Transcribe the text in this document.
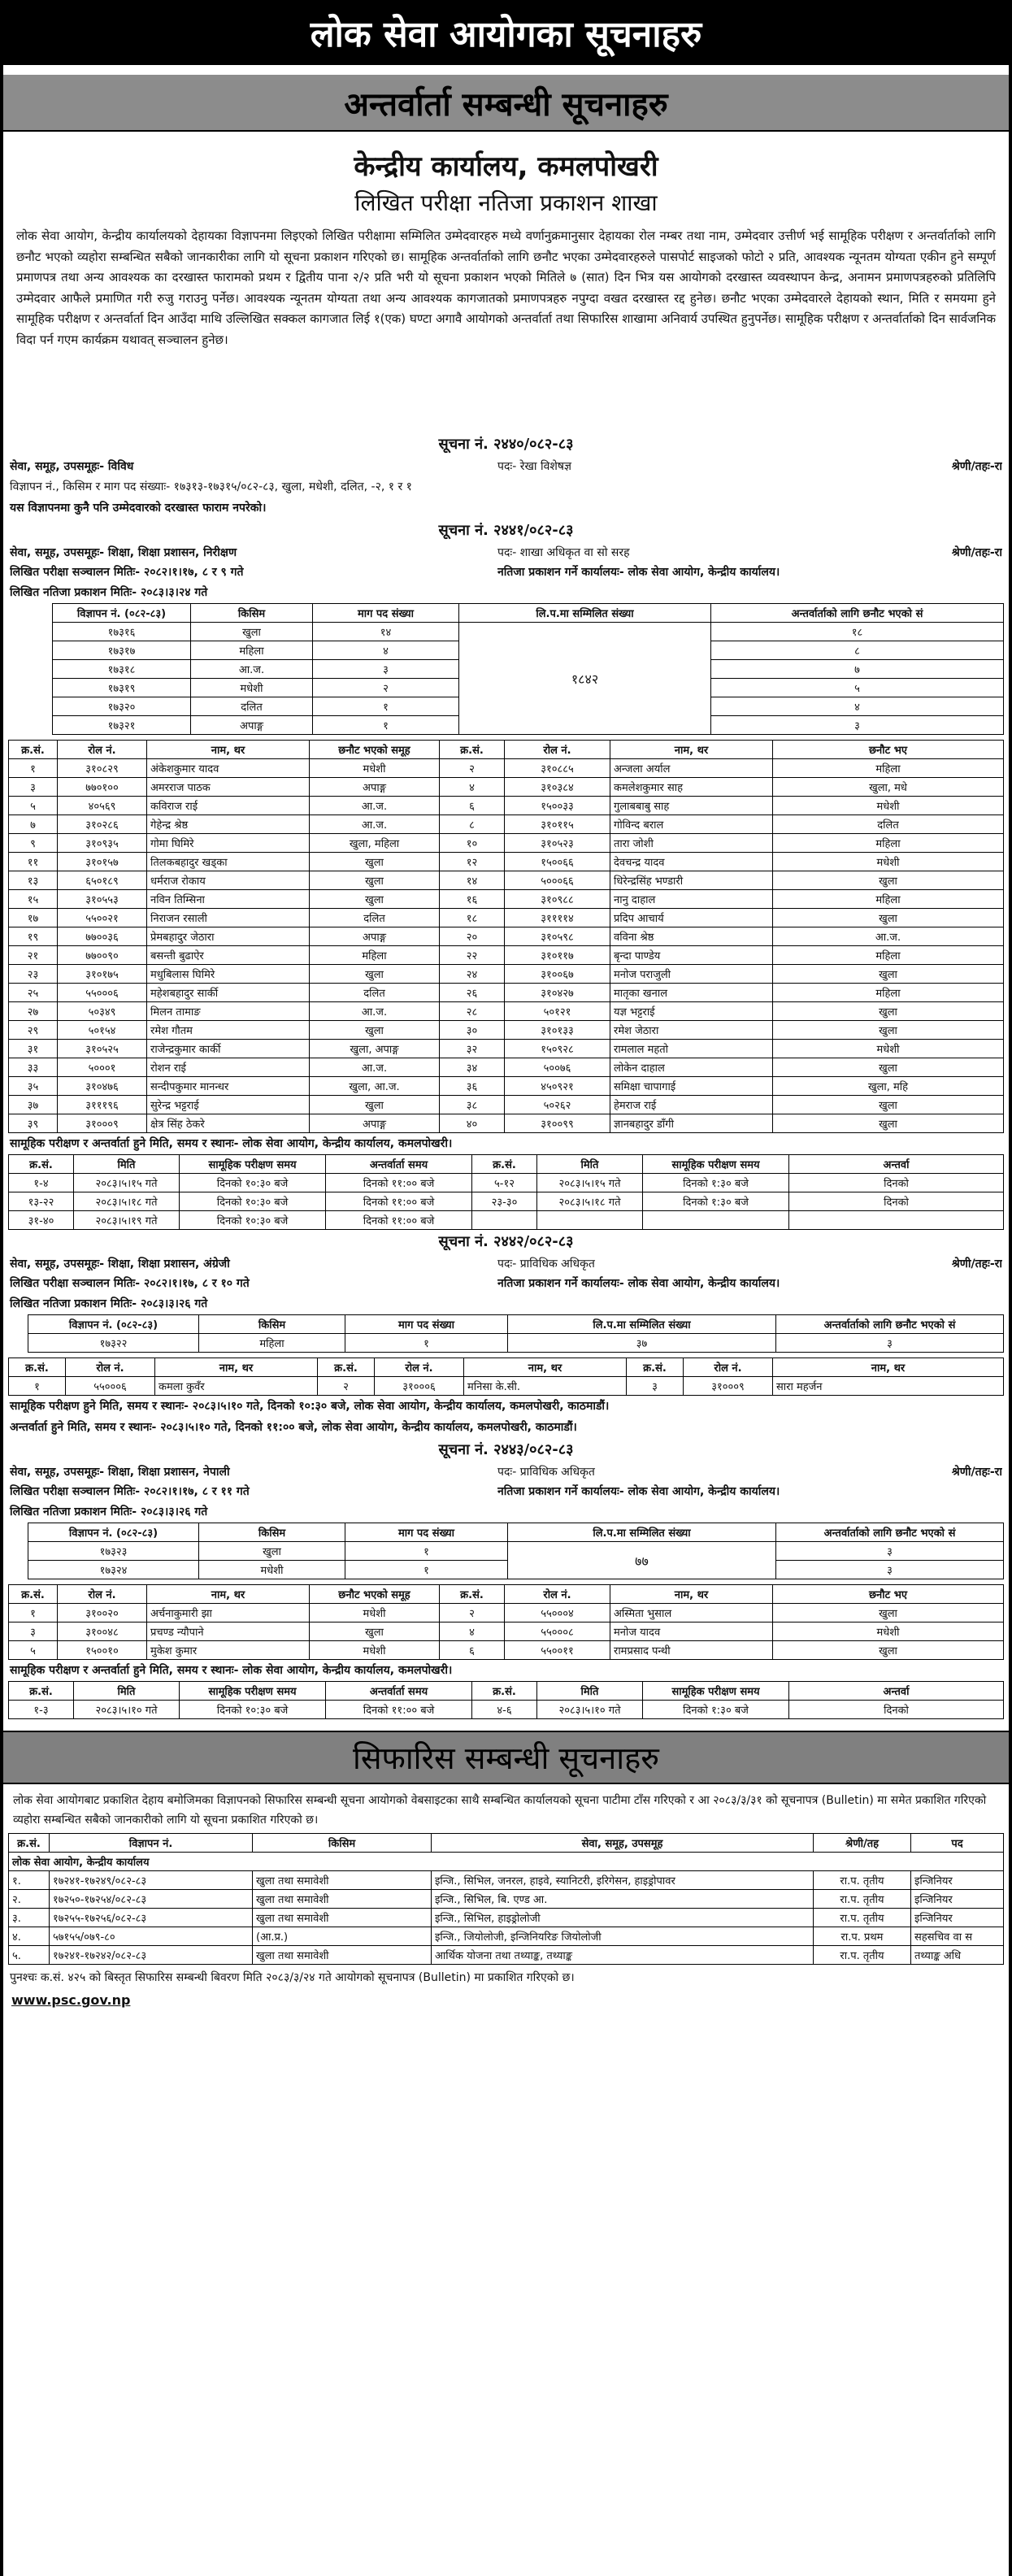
लोक सेवा आयोगका सूचनाहरु
अन्तर्वार्ता सम्बन्धी सूचनाहरु
केन्द्रीय कार्यालय, कमलपोखरी
लिखित परीक्षा नतिजा प्रकाशन शाखा
लोक सेवा आयोग, केन्द्रीय कार्यालयको देहायका विज्ञापनमा लिइएको लिखित परीक्षामा सम्मिलित उम्मेदवारहरु मध्ये वर्णानुक्रमानुसार देहायका रोल नम्बर तथा नाम, उम्मेदवार उत्तीर्ण भई सामूहिक परीक्षण र अन्तर्वार्ताको लागि छनौट भएको व्यहोरा सम्बन्धित सबैको जानकारीका लागि यो सूचना प्रकाशन गरिएको छ। सामूहिक अन्तर्वार्ताको लागि छनौट भएका उम्मेदवारहरुले पासपोर्ट साइजको फोटो २ प्रति, आवश्यक न्यूनतम योग्यता एकीन हुने सम्पूर्ण प्रमाणपत्र तथा अन्य आवश्यक का दरखास्त फारामको प्रथम र द्वितीय पाना २/२ प्रति भरी यो सूचना प्रकाशन भएको मितिले ७ (सात) दिन भित्र यस आयोगको दरखास्त व्यवस्थापन केन्द्र, अनामन प्रमाणपत्रहरुको प्रतिलिपि उम्मेदवार आफैले प्रमाणित गरी रुजु गराउनु पर्नेछ। आवश्यक न्यूनतम योग्यता तथा अन्य आवश्यक कागजातको प्रमाणपत्रहरु नपुग्दा वखत दरखास्त रद्द हुनेछ। छनौट भएका उम्मेदवारले देहायको स्थान, मिति र समयमा हुने सामूहिक परीक्षण र अन्तर्वार्ता दिन आउँदा माथि उल्लिखित सक्कल कागजात लिई १(एक) घण्टा अगावै आयोगको अन्तर्वार्ता तथा सिफारिस शाखामा अनिवार्य उपस्थित हुनुपर्नेछ। सामूहिक परीक्षण र अन्तर्वार्ताको दिन सार्वजनिक विदा पर्न गएम कार्यक्रम यथावत् सञ्चालन हुनेछ।
सूचना नं. २४४०/०८२-८३
सेवा, समूह, उपसमूहः- विविध	पदः- रेखा विशेषज्ञ	श्रेणी/तहः-रा
विज्ञापन नं., किसिम र माग पद संख्याः- १७३१३-१७३१५/०८२-८३, खुला, मधेशी, दलित, -२, १ र १
यस विज्ञापनमा कुनै पनि उम्मेदवारको दरखास्त फाराम नपरेको।
सूचना नं. २४४१/०८२-८३
सेवा, समूह, उपसमूहः- शिक्षा, शिक्षा प्रशासन, निरीक्षण	पदः- शाखा अधिकृत वा सो सरह	श्रेणी/तहः-रा
लिखित परीक्षा सञ्चालन मितिः- २०८२।१।१७, ८ र ९ गते	नतिजा प्रकाशन गर्ने कार्यालयः- लोक सेवा आयोग, केन्द्रीय कार्यालय।
लिखित नतिजा प्रकाशन मितिः- २०८३।३।२४ गते
विज्ञापन नं. (०८२-८३)	किसिम	माग पद संख्या	लि.प.मा सम्मिलित संख्या	अन्तर्वार्ताको लागि छनौट भएको सं
१७३१६	खुला	१४	१८४२	१८
१७३१७	महिला	४		८
१७३१८	आ.ज.	३		७
१७३१९	मधेशी	२		५
१७३२०	दलित	१		४
१७३२१	अपाङ्ग	१		३
क्र.सं.	रोल नं.	नाम, थर	छनौट भएको समूह	क्र.सं.	रोल नं.	नाम, थर	छनौट भए
१	३१०८२९	अंकेशकुमार यादव	मधेशी	२	३१०८८५	अन्जला अर्याल	महिला
३	७७०१००	अमरराज पाठक	अपाङ्ग	४	३१०३८४	कमलेशकुमार साह	खुला, मधे
५	४०५६९	कविराज राई	आ.ज.	६	१५००३३	गुलाबबाबु साह	मधेशी
७	३१०२८६	गेहेन्द्र श्रेष्ठ	आ.ज.	८	३१०११५	गोविन्द बराल	दलित
९	३१०९३५	गोमा घिमिरे	खुला, महिला	१०	३१०५२३	तारा जोशी	महिला
११	३१०१५७	तिलकबहादुर खड्का	खुला	१२	१५००६६	देवचन्द्र यादव	मधेशी
१३	६५०१८९	धर्मराज रोकाय	खुला	१४	५०००६६	धिरेन्द्रसिंह भण्डारी	खुला
१५	३१०५५३	नविन तिम्सिना	खुला	१६	३१०९८८	नानु दाहाल	महिला
१७	५५००२१	निराजन रसाली	दलित	१८	३११११४	प्रदिप आचार्य	खुला
१९	७७००३६	प्रेमबहादुर जेठारा	अपाङ्ग	२०	३१०५९८	वविना श्रेष्ठ	आ.ज.
२१	७७००९०	बसन्ती बुढाऐर	महिला	२२	३१०११७	बृन्दा पाण्डेय	महिला
२३	३१०१७५	मधुबिलास घिमिरे	खुला	२४	३१००६७	मनोज पराजुली	खुला
२५	५५०००६	महेशबहादुर सार्की	दलित	२६	३१०४२७	मातृका खनाल	महिला
२७	५०३४९	मिलन तामाङ	आ.ज.	२८	५०१२१	यज्ञ भट्टराई	खुला
२९	५०१५४	रमेश गौतम	खुला	३०	३१०१३३	रमेश जेठारा	खुला
३१	३१०५२५	राजेन्द्रकुमार कार्की	खुला, अपाङ्ग	३२	१५०९२८	रामलाल महतो	मधेशी
३३	५०००१	रोशन राई	आ.ज.	३४	५००७६	लोकेन दाहाल	खुला
३५	३१०४७६	सन्दीपकुमार मानन्धर	खुला, आ.ज.	३६	४५०९२१	समिक्षा चापागाई	खुला, महि
३७	३१११९६	सुरेन्द्र भट्टराई	खुला	३८	५०२६२	हेमराज राई	खुला
३९	३१०००९	क्षेत्र सिंह ठेकरे	अपाङ्ग	४०	३१००९९	ज्ञानबहादुर डाँगी	खुला
सामूहिक परीक्षण र अन्तर्वार्ता हुने मिति, समय र स्थानः- लोक सेवा आयोग, केन्द्रीय कार्यालय, कमलपोखरी।
क्र.सं.	मिति	सामूहिक परीक्षण समय	अन्तर्वार्ता समय	क्र.सं.	मिति	सामूहिक परीक्षण समय	अन्तर्वा
१-४	२०८३।५।१५ गते	दिनको १०:३० बजे	दिनको ११:०० बजे	५-१२	२०८३।५।१५ गते	दिनको १:३० बजे	दिनको
१३-२२	२०८३।५।१८ गते	दिनको १०:३० बजे	दिनको ११:०० बजे	२३-३०	२०८३।५।१८ गते	दिनको १:३० बजे	दिनको
३१-४०	२०८३।५।१९ गते	दिनको १०:३० बजे	दिनको ११:०० बजे				
सूचना नं. २४४२/०८२-८३
सेवा, समूह, उपसमूहः- शिक्षा, शिक्षा प्रशासन, अंग्रेजी	पदः- प्राविधिक अधिकृत	श्रेणी/तहः-रा
लिखित परीक्षा सञ्चालन मितिः- २०८२।१।१७, ८ र १० गते	नतिजा प्रकाशन गर्ने कार्यालयः- लोक सेवा आयोग, केन्द्रीय कार्यालय।
लिखित नतिजा प्रकाशन मितिः- २०८३।३।२६ गते
विज्ञापन नं. (०८२-८३)	किसिम	माग पद संख्या	लि.प.मा सम्मिलित संख्या	अन्तर्वार्ताको लागि छनौट भएको सं
१७३२२	महिला	१	३७	३
क्र.सं.	रोल नं.	नाम, थर	क्र.सं.	रोल नं.	नाम, थर	क्र.सं.	रोल नं.	नाम, थर
१	५५०००६	कमला कुवँर	२	३१०००६	मनिसा के.सी.	३	३१०००९	सारा महर्जन
सामूहिक परीक्षण हुने मिति, समय र स्थानः- २०८३।५।१० गते, दिनको १०:३० बजे, लोक सेवा आयोग, केन्द्रीय कार्यालय, कमलपोखरी, काठमाडौं।
अन्तर्वार्ता हुने मिति, समय र स्थानः- २०८३।५।१० गते, दिनको ११:०० बजे, लोक सेवा आयोग, केन्द्रीय कार्यालय, कमलपोखरी, काठमाडौं।
सूचना नं. २४४३/०८२-८३
सेवा, समूह, उपसमूहः- शिक्षा, शिक्षा प्रशासन, नेपाली	पदः- प्राविधिक अधिकृत	श्रेणी/तहः-रा
लिखित परीक्षा सञ्चालन मितिः- २०८२।१।१७, ८ र ११ गते	नतिजा प्रकाशन गर्ने कार्यालयः- लोक सेवा आयोग, केन्द्रीय कार्यालय।
लिखित नतिजा प्रकाशन मितिः- २०८३।३।२६ गते
विज्ञापन नं. (०८२-८३)	किसिम	माग पद संख्या	लि.प.मा सम्मिलित संख्या	अन्तर्वार्ताको लागि छनौट भएको सं
१७३२३	खुला	१	७७	३
१७३२४	मधेशी	१		३
क्र.सं.	रोल नं.	नाम, थर	छनौट भएको समूह	क्र.सं.	रोल नं.	नाम, थर	छनौट भए
१	३१००२०	अर्चनाकुमारी झा	मधेशी	२	५५०००४	अस्मिता भुसाल	खुला
३	३१००४८	प्रचण्ड न्यौपाने	खुला	४	५५०००८	मनोज यादव	मधेशी
५	१५००१०	मुकेश कुमार	मधेशी	६	५५००११	रामप्रसाद पन्थी	खुला
सामूहिक परीक्षण र अन्तर्वार्ता हुने मिति, समय र स्थानः- लोक सेवा आयोग, केन्द्रीय कार्यालय, कमलपोखरी।
क्र.सं.	मिति	सामूहिक परीक्षण समय	अन्तर्वार्ता समय	क्र.सं.	मिति	सामूहिक परीक्षण समय	अन्तर्वा
१-३	२०८३।५।१० गते	दिनको १०:३० बजे	दिनको ११:०० बजे	४-६	२०८३।५।१० गते	दिनको १:३० बजे	दिनको
सिफारिस सम्बन्धी सूचनाहरु
लोक सेवा आयोगबाट प्रकाशित देहाय बमोजिमका विज्ञापनको सिफारिस सम्बन्धी सूचना आयोगको वेबसाइटका साथै सम्बन्धित कार्यालयको सूचना पाटीमा टाँस गरिएको र आ २०८३/३/३१ को सूचनापत्र (Bulletin) मा समेत प्रकाशित गरिएको व्यहोरा सम्बन्धित सबैको जानकारीको लागि यो सूचना प्रकाशित गरिएको छ।
क्र.सं.	विज्ञापन नं.	किसिम	सेवा, समूह, उपसमूह	श्रेणी/तह	पद
लोक सेवा आयोग, केन्द्रीय कार्यालय					
१.	१७२४१-१७२४९/०८२-८३	खुला तथा समावेशी	इन्जि., सिभिल, जनरल, हाइवे, स्यानिटरी, इरिगेसन, हाइड्रोपावर	रा.प. तृतीय	इन्जिनियर
२.	१७२५०-१७२५४/०८२-८३	खुला तथा समावेशी	इन्जि., सिभिल, बि. एण्ड आ.	रा.प. तृतीय	इन्जिनियर
३.	१७२५५-१७२५६/०८२-८३	खुला तथा समावेशी	इन्जि., सिभिल, हाइड्रोलोजी	रा.प. तृतीय	इन्जिनियर
४.	५७१५५/०७९-८०	(आ.प्र.)	इन्जि., जियोलोजी, इन्जिनियरिङ जियोलोजी	रा.प. प्रथम	सहसचिव वा स
५.	१७२४१-१७२४२/०८२-८३	खुला तथा समावेशी	आर्थिक योजना तथा तथ्याङ्क, तथ्याङ्क	रा.प. तृतीय	तथ्याङ्क अधि
पुनश्चः क.सं. ४२५ को बिस्तृत सिफारिस सम्बन्धी बिवरण मिति २०८३/३/२४ गते आयोगको सूचनापत्र (Bulletin) मा प्रकाशित गरिएको छ।
www.psc.gov.np
